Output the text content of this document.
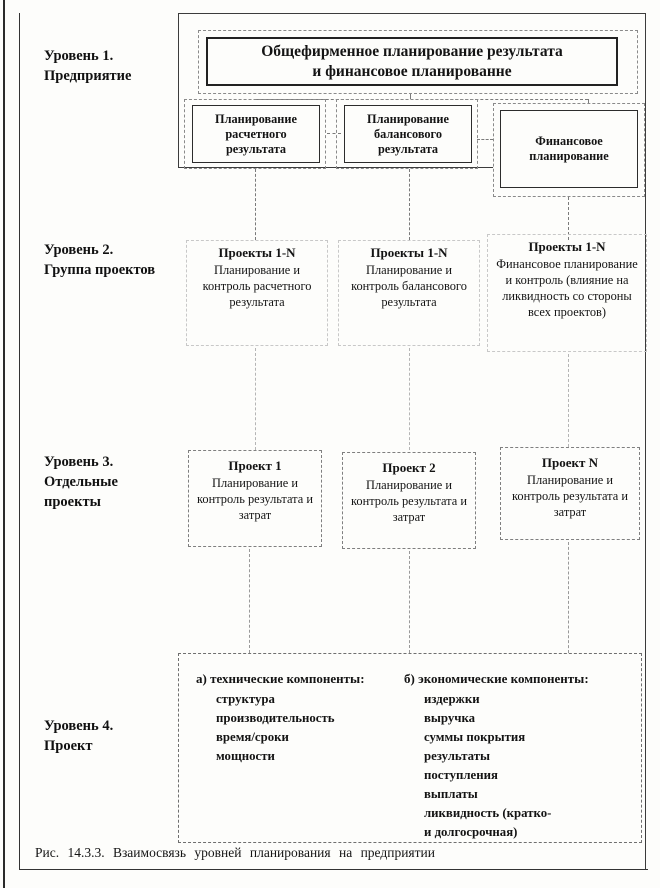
Уровень 1.
Предприятие
Уровень 2.
Группа проектов
Уровень 3.
Отдельные
проекты
Уровень 4.
Проект
Общефирменное планирование результата
и финансовое планированне
Планирование расчетного результата
Планирование балансового результата
Финансовое планирование
Проекты 1-N
Планирование и контроль расчетного результата
Проекты 1-N
Планирование и контроль балансового результата
Проекты 1-N
Финансовое планирование и контроль (влияние на ликвидность со стороны всех проектов)
Проект 1
Планирование и контроль результата и затрат
Проект 2
Планирование и контроль результата и затрат
Проект N
Планирование и контроль результата и затрат
а) технические компоненты:
структура
производительность
время/сроки
мощности
б) экономические компоненты:
издержки
выручка
суммы покрытия
результаты
поступления
выплаты
ликвидность (кратко-
и долгосрочная)
Рис. 14.3.3. Взаимосвязь уровней планирования на предприятии
